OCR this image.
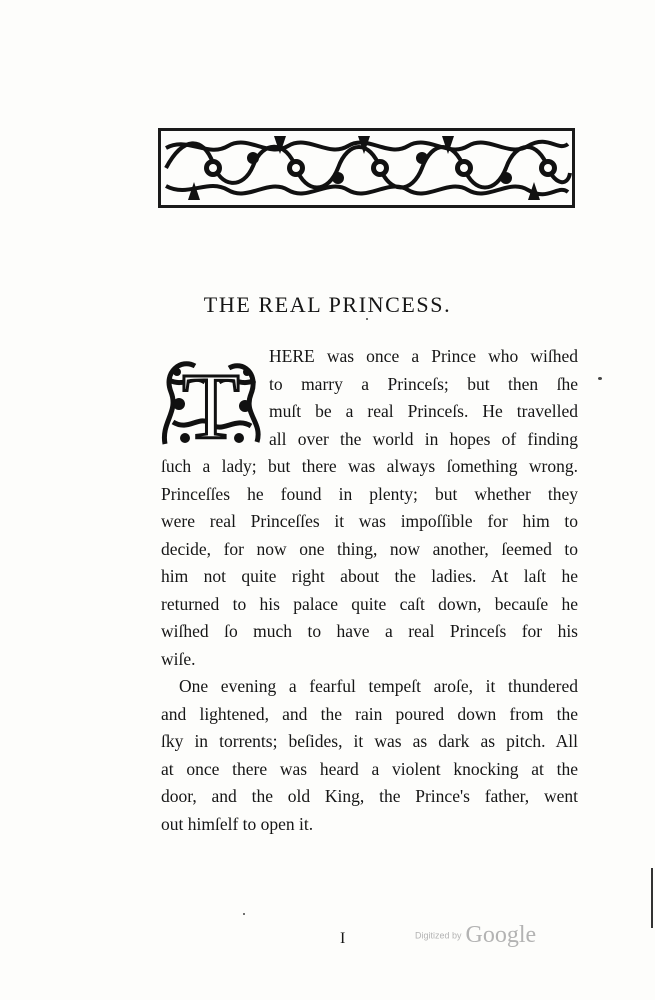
THE REAL PRINCESS.
T	HERE was once a Prince who wiſhed
to marry a Princeſs; but then ſhe
muſt be a real Princeſs. He travelled
all over the world in hopes of finding
ſuch a lady; but there was always ſomething wrong.
Princeſſes he found in plenty; but whether they
were real Princeſſes it was impoſſible for him to
decide, for now one thing, now another, ſeemed to
him not quite right about the ladies. At laſt he
returned to his palace quite caſt down, becauſe he
wiſhed ſo much to have a real Princeſs for his
wiſe.
One evening a fearful tempeſt aroſe, it thundered
and lightened, and the rain poured down from the
ſky in torrents; beſides, it was as dark as pitch. All
at once there was heard a violent knocking at the
door, and the old King, the Prince's father, went
out himſelf to open it.
I	Digitized by Google
